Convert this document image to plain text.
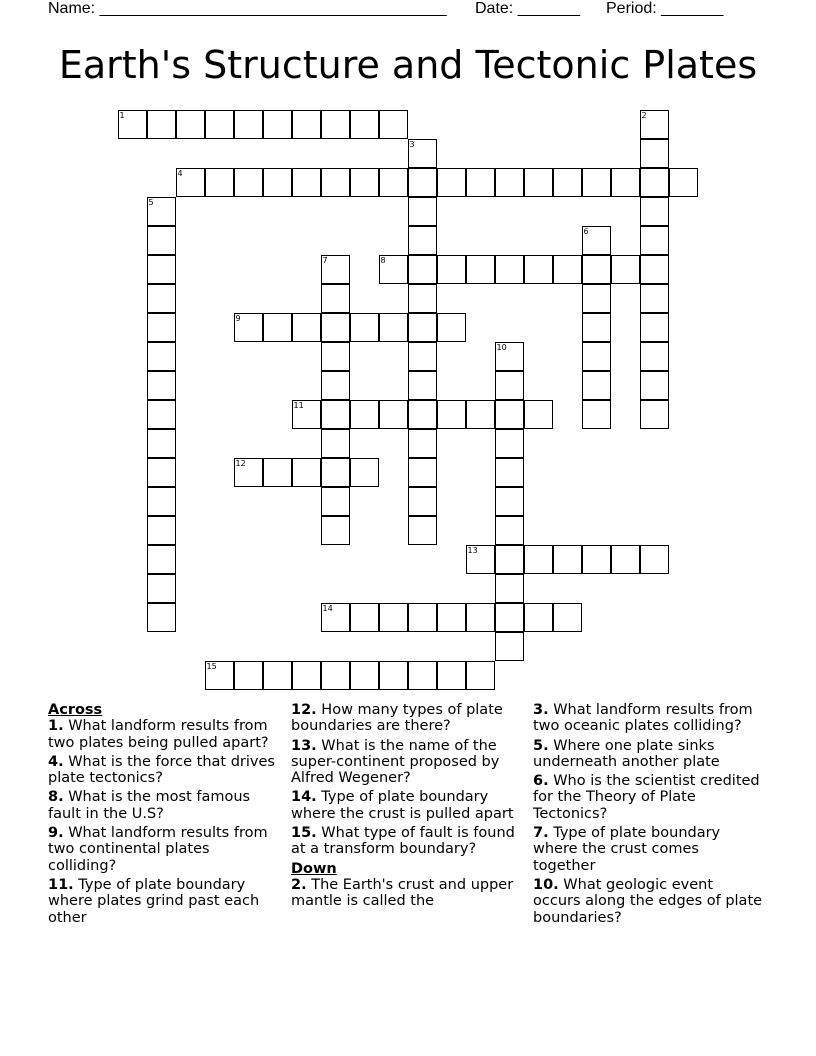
Name: _______________________________________ Date: _______ Period: _______
Earth's Structure and Tectonic Plates
1
4
8
9
11
12
13
14
15
2
3
5
6
7
10
Across
1. What landform results from two plates being pulled apart?
4. What is the force that drives plate tectonics?
8. What is the most famous fault in the U.S?
9. What landform results from two continental plates colliding?
11. Type of plate boundary where plates grind past each other
12. How many types of plate boundaries are there?
13. What is the name of the super-continent proposed by Alfred Wegener?
14. Type of plate boundary where the crust is pulled apart
15. What type of fault is found at a transform boundary?
Down
2. The Earth's crust and upper mantle is called the
3. What landform results from two oceanic plates colliding?
5. Where one plate sinks underneath another plate
6. Who is the scientist credited for the Theory of Plate Tectonics?
7. Type of plate boundary where the crust comes together
10. What geologic event occurs along the edges of plate boundaries?
